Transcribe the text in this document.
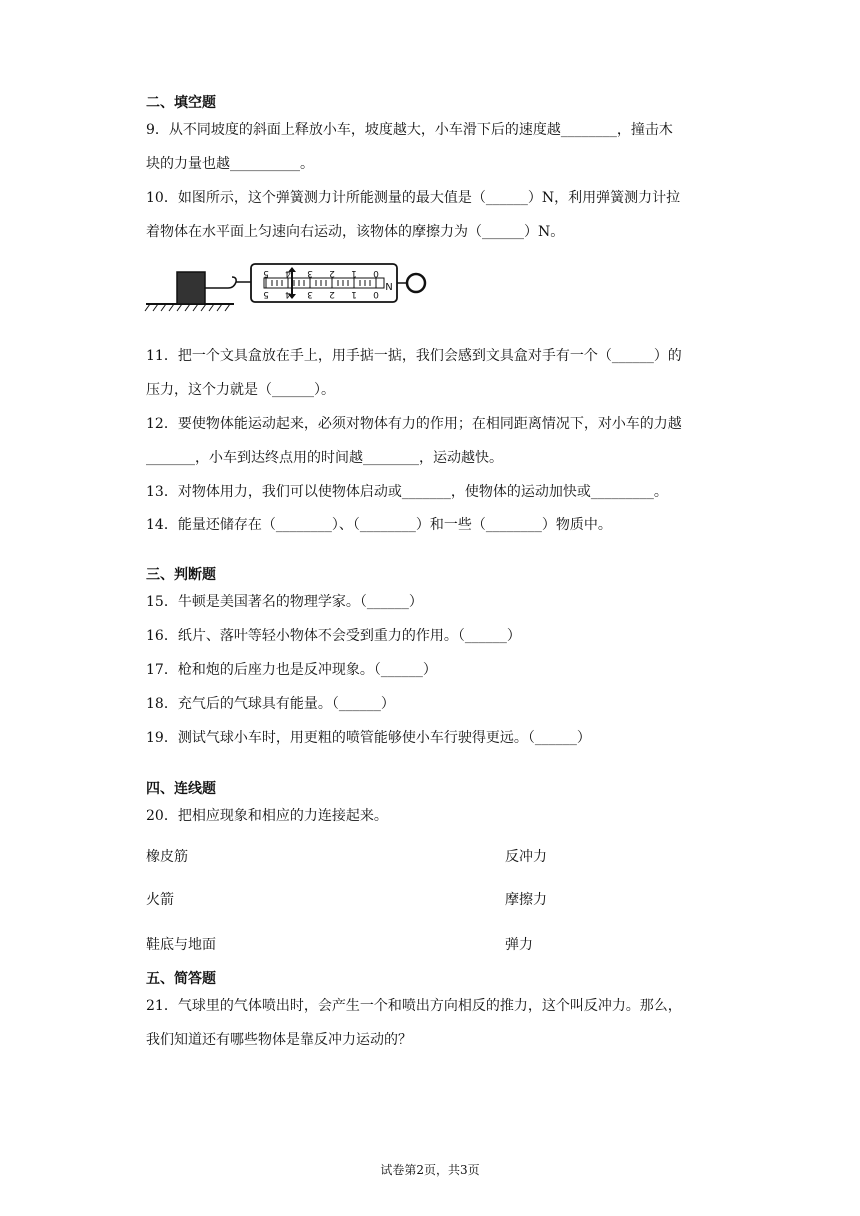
二、填空题
9．从不同坡度的斜面上释放小车，坡度越大，小车滑下后的速度越________，撞击木
块的力量也越__________。
10．如图所示，这个弹簧测力计所能测量的最大值是（______）N，利用弹簧测力计拉
着物体在水平面上匀速向右运动，该物体的摩擦力为（______）N。
0
1
2
3
4
5
0
1
2
3
4
5
N
11．把一个文具盒放在手上，用手掂一掂，我们会感到文具盒对手有一个（______）的
压力，这个力就是（______）。
12．要使物体能运动起来，必须对物体有力的作用；在相同距离情况下，对小车的力越
_______，小车到达终点用的时间越________，运动越快。
13．对物体用力，我们可以使物体启动或_______，使物体的运动加快或_________。
14．能量还储存在（________）、（________）和一些（________）物质中。
三、判断题
15．牛顿是美国著名的物理学家。（______）
16．纸片、落叶等轻小物体不会受到重力的作用。（______）
17．枪和炮的后座力也是反冲现象。（______）
18．充气后的气球具有能量。（______）
19．测试气球小车时，用更粗的喷管能够使小车行驶得更远。（______）
四、连线题
20．把相应现象和相应的力连接起来。
橡皮筋
火箭
鞋底与地面
反冲力
摩擦力
弹力
五、简答题
21．气球里的气体喷出时，会产生一个和喷出方向相反的推力，这个叫反冲力。那么，
我们知道还有哪些物体是靠反冲力运动的？
试卷第2页，共3页
